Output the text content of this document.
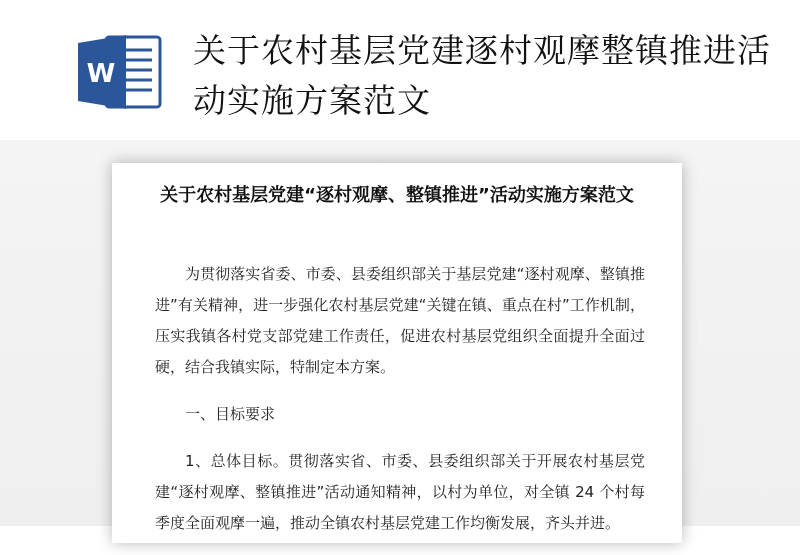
W
关于农村基层党建逐村观摩整镇推进活动实施方案范文
关于农村基层党建“逐村观摩、整镇推进”活动实施方案范文

为贯彻落实省委、市委、县委组织部关于基层党建“逐村观摩、整镇推进”有关精神，进一步强化农村基层党建“关键在镇、重点在村”工作机制，压实我镇各村党支部党建工作责任，促进农村基层党组织全面提升全面过硬，结合我镇实际，特制定本方案。

一、目标要求

1、总体目标。贯彻落实省、市委、县委组织部关于开展农村基层党建“逐村观摩、整镇推进”活动通知精神，以村为单位，对全镇 24 个村每季度全面观摩一遍，推动全镇农村基层党建工作均衡发展，齐头并进。
